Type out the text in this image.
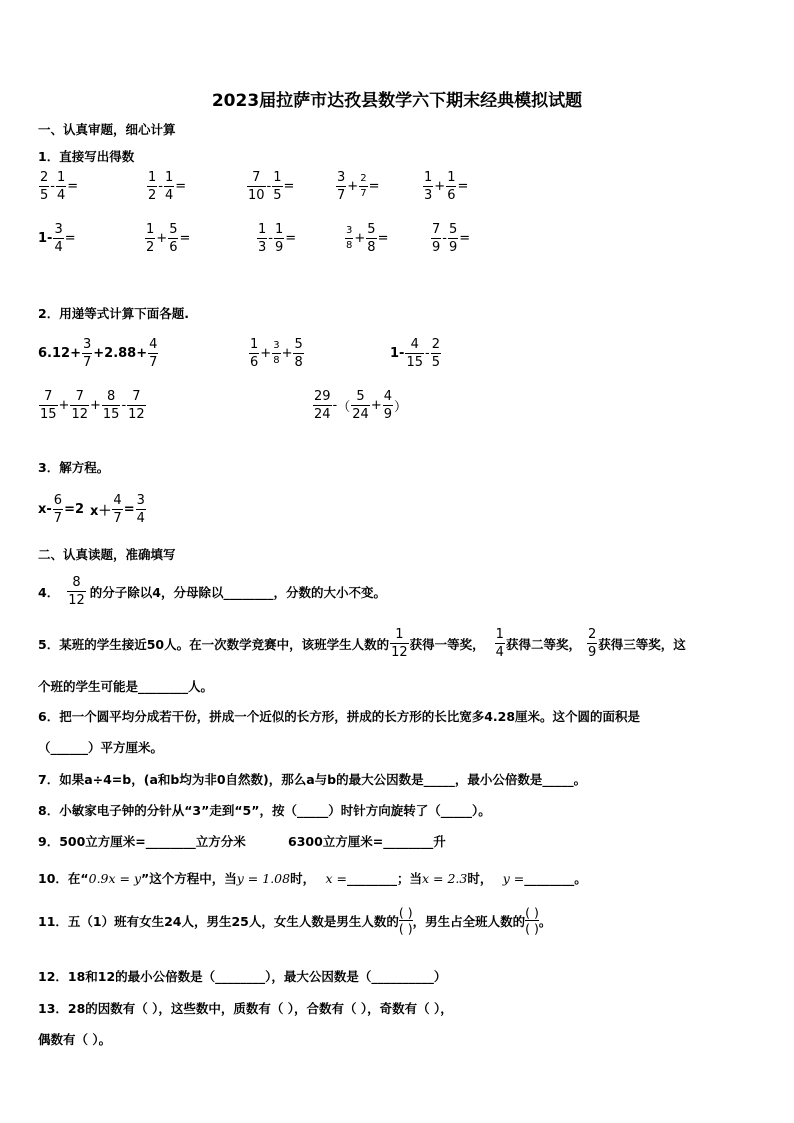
2023届拉萨市达孜县数学六下期末经典模拟试题
一、认真审题，细心计算
1．直接写出得数
$\frac{2}{5} - \frac{1}{4}$ =	$\frac{1}{2} - \frac{1}{4}$ =	$\frac{7}{10} - \frac{1}{5}$ =	$\frac{3}{7} + \frac{2}{7}$ =	$\frac{1}{3} + \frac{1}{6}$ =
$1- \frac{3}{4}$ =	$\frac{1}{2} + \frac{5}{6}$ =	$\frac{1}{3} - \frac{1}{9}$ =	$\frac{3}{8} + \frac{5}{8}$ =	$\frac{7}{9} - \frac{5}{9}$ =
2．用递等式计算下面各题.
$6.12+ \frac{3}{7} +2.88+ \frac{4}{7}$	$\frac{1}{6} + \frac{3}{8} + \frac{5}{8}$	$1- \frac{4}{15} - \frac{2}{5}$
$\frac{7}{15} + \frac{7}{12} + \frac{8}{15} - \frac{7}{12}$	$\frac{29}{24}$ - （ $\frac{5}{24} + \frac{4}{9}$ ）
3．解方程。
$x- \frac{6}{7} =2$ $x+ \frac{4}{7} = \frac{3}{4}$
二、认真读题，准确填写
4． $\frac{8}{12}$ 的分子除以4，分母除以________，分数的大小不变。
5．某班的学生接近50人。在一次数学竞赛中，该班学生人数的 $\frac{1}{12}$ 获得一等奖， $\frac{1}{4}$ 获得二等奖， $\frac{2}{9}$ 获得三等奖，这
个班的学生可能是________人。
6．把一个圆平均分成若干份，拼成一个近似的长方形，拼成的长方形的长比宽多4.28厘米。这个圆的面积是
（______）平方厘米。
7．如果a÷4=b，(a和b均为非0自然数)，那么a与b的最大公因数是_____，最小公倍数是_____。
8．小敏家电子钟的分针从“3”走到“5”，按（_____）时针方向旋转了（_____）。
9．500立方厘米=________立方分米	6300立方厘米=________升
10．在“0.9x = y”这个方程中，当y = 1.08时， x =________；当x = 2.3时， y =________。
11．五（1）班有女生24人，男生25人，女生人数是男生人数的
( )
( ) ，男生占全班人数的
( )
( ) 。
12．18和12的最小公倍数是（________），最大公因数是（__________）
13．28的因数有（ ），这些数中，质数有（ ），合数有（ ），奇数有（ ），
偶数有（ ）。
